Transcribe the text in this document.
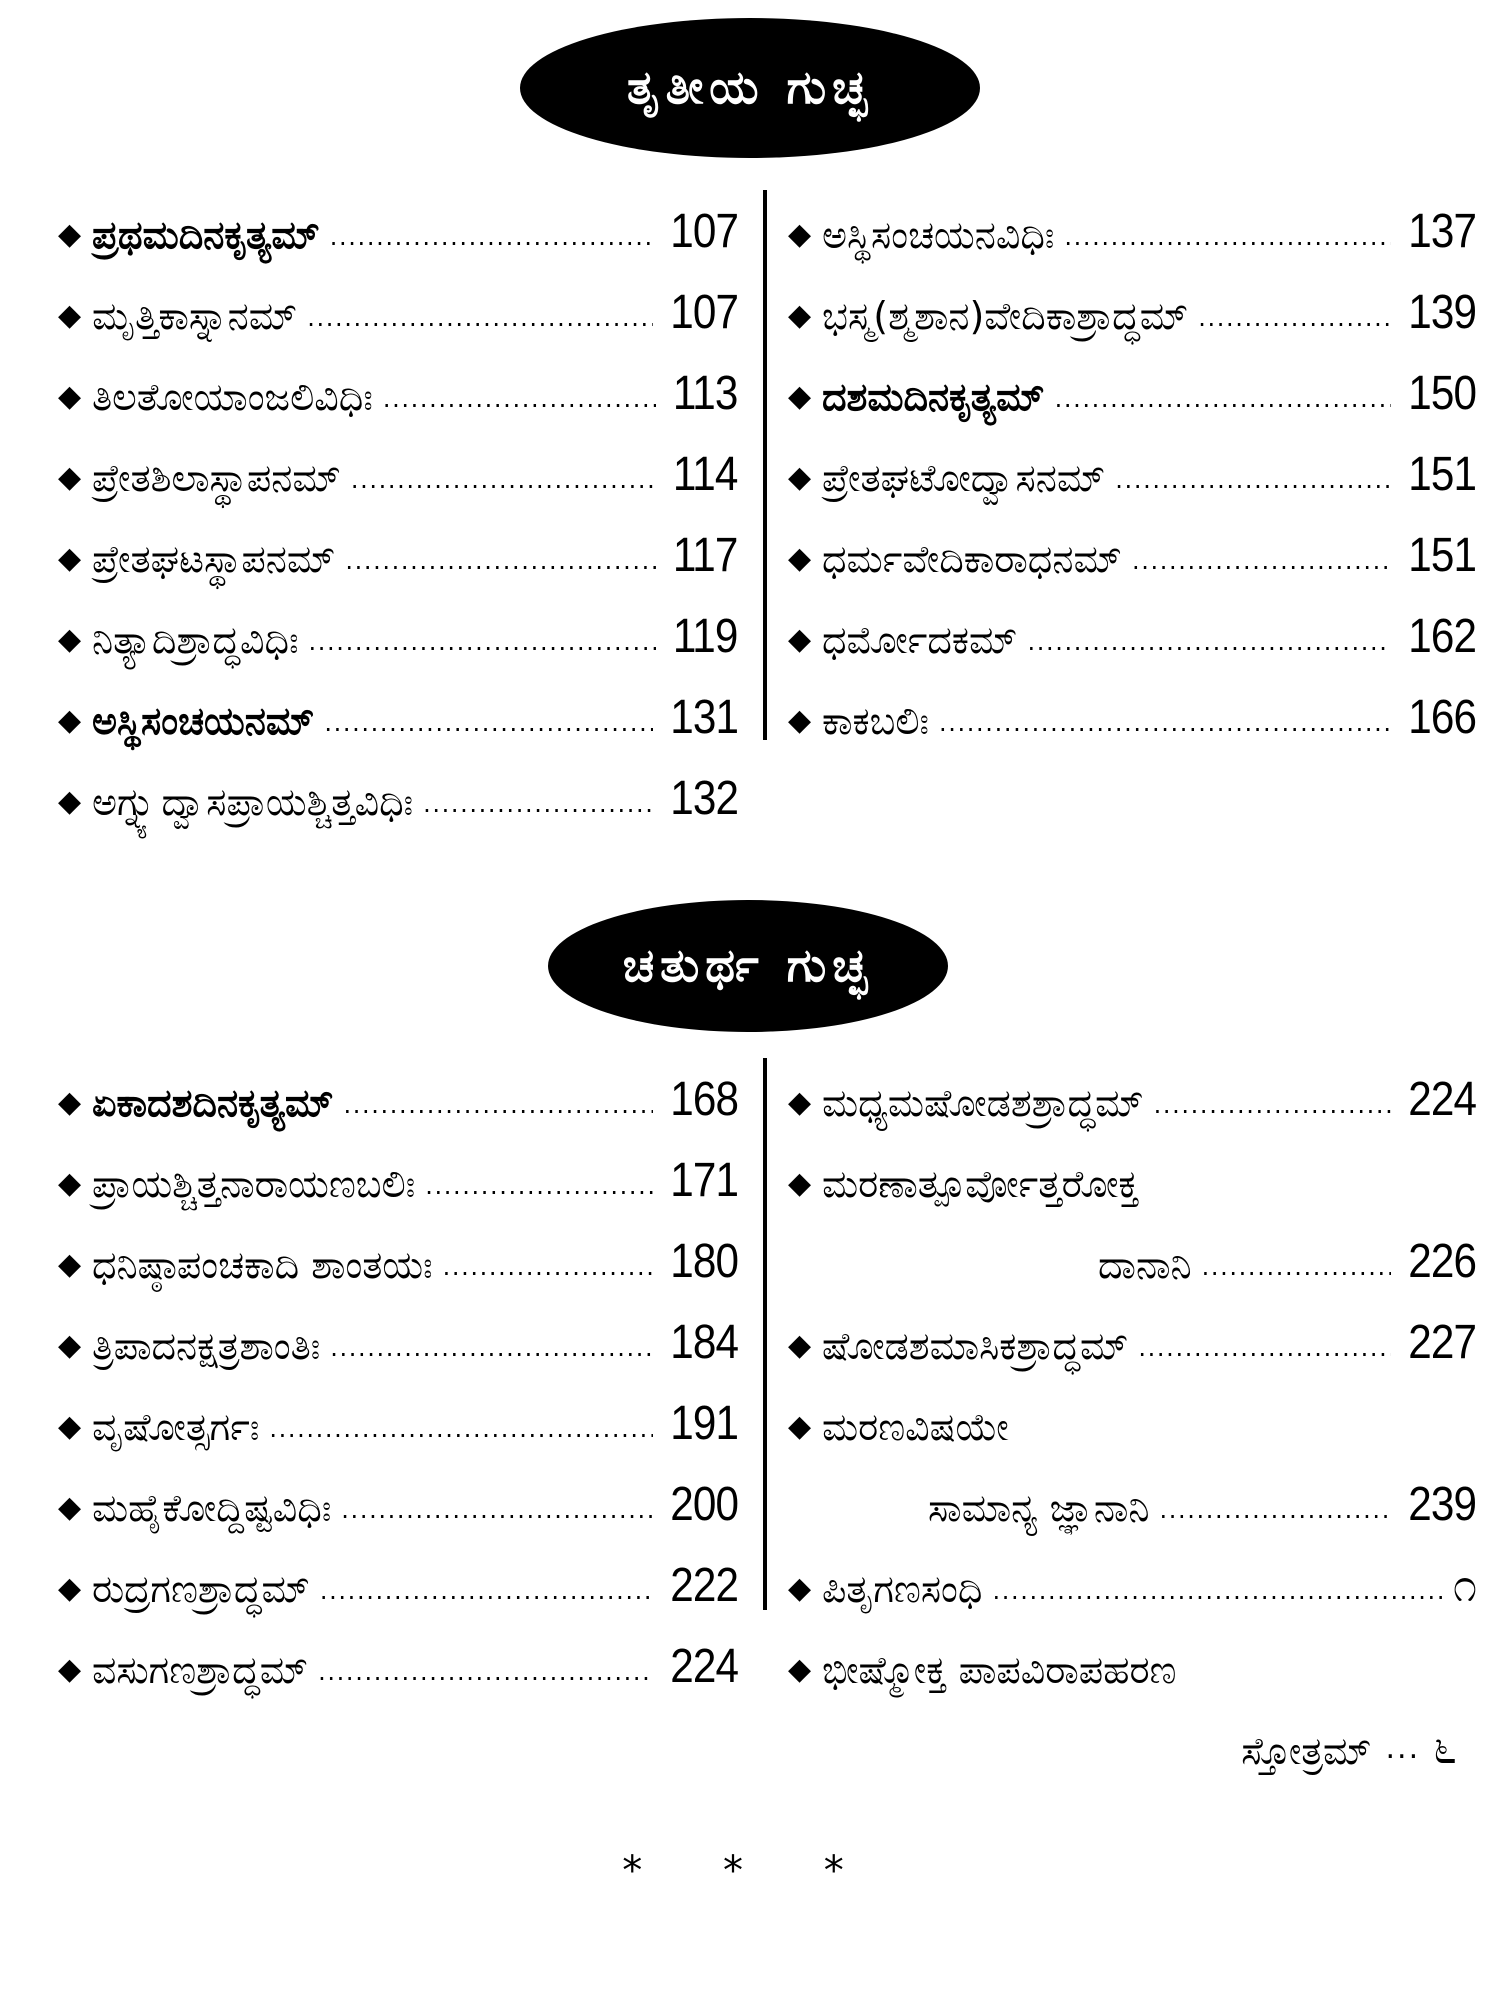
ತೃತೀಯ ಗುಚ್ಛ
◆ ಪ್ರಥಮದಿನಕೃತ್ಯಮ್ . . .	107
◆ ಮೃತ್ತಿಕಾಸ್ನಾನಮ್ . . .	107
◆ ತಿಲತೋಯಾಂಜಲಿವಿಧಿಃ . . .	113
◆ ಪ್ರೇತಶಿಲಾಸ್ಥಾಪನಮ್ . . .	114
◆ ಪ್ರೇತಘಟಸ್ಥಾಪನಮ್ . . .	117
◆ ನಿತ್ಯಾದಿಶ್ರಾದ್ಧವಿಧಿಃ . . .	119
◆ ಅಸ್ಥಿಸಂಚಯನಮ್ . . .	131
◆ ಅಗ್ನ್ಯುದ್ವಾಸಪ್ರಾಯಶ್ಚಿತ್ತವಿಧಿಃ . . .	132
◆ ಅಸ್ಥಿಸಂಚಯನವಿಧಿಃ . . .	137
◆ ಭಸ್ಮ(ಶ್ಮಶಾನ)ವೇದಿಕಾಶ್ರಾದ್ಧಮ್ . . .	139
◆ ದಶಮದಿನಕೃತ್ಯಮ್ . . .	150
◆ ಪ್ರೇತಘಟೋದ್ವಾಸನಮ್ . . .	151
◆ ಧರ್ಮವೇದಿಕಾರಾಧನಮ್ . . .	151
◆ ಧರ್ಮೋದಕಮ್ . . .	162
◆ ಕಾಕಬಲಿಃ . . .	166
ಚತುರ್ಥ ಗುಚ್ಛ
◆ ಏಕಾದಶದಿನಕೃತ್ಯಮ್ . . .	168
◆ ಪ್ರಾಯಶ್ಚಿತ್ತನಾರಾಯಣಬಲಿಃ . . .	171
◆ ಧನಿಷ್ಠಾಪಂಚಕಾದಿ ಶಾಂತಯಃ . . .	180
◆ ತ್ರಿಪಾದನಕ್ಷತ್ರಶಾಂತಿಃ . . .	184
◆ ವೃಷೋತ್ಸರ್ಗಃ . . .	191
◆ ಮಹೈಕೋದ್ದಿಷ್ಟವಿಧಿಃ . . .	200
◆ ರುದ್ರಗಣಶ್ರಾದ್ಧಮ್ . . .	222
◆ ವಸುಗಣಶ್ರಾದ್ಧಮ್ . . .	224
◆ ಮಧ್ಯಮಷೋಡಶಶ್ರಾದ್ಧಮ್ . . .	224
◆ ಮರಣಾತ್ಪೂರ್ವೋತ್ತರೋಕ್ತ
ದಾನಾನಿ . . .	226
◆ ಷೋಡಶಮಾಸಿಕಶ್ರಾದ್ಧಮ್ . . .	227
◆ ಮರಣವಿಷಯೇ
ಸಾಮಾನ್ಯ ಜ್ಞಾನಾನಿ . . .	239
◆ ಪಿತೃಗಣಸಂಧಿ . . .	೧
◆ ಭೀಷ್ಮೋಕ್ತ ಪಾಪವಿರಾಪಹರಣ
ಸ್ತೋತ್ರಮ್ ... ೬
* * *
